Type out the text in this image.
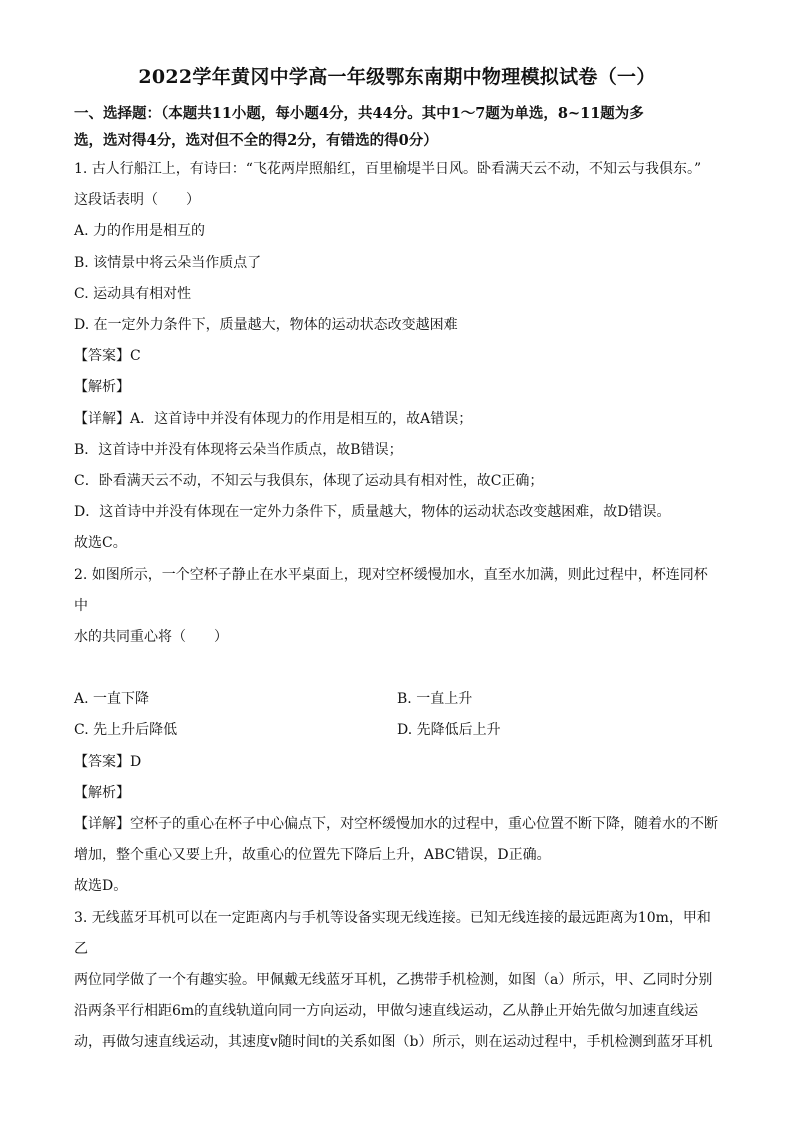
2022学年黄冈中学高一年级鄂东南期中物理模拟试卷（一）

一、选择题：（本题共11小题，每小题4分，共44分。其中1～7题为单选，8~11题为多

选，选对得4分，选对但不全的得2分，有错选的得0分）

1. 古人行船江上，有诗曰：“飞花两岸照船红，百里榆堤半日风。卧看满天云不动，不知云与我俱东。”

这段话表明（　　）

A. 力的作用是相互的

B. 该情景中将云朵当作质点了

C. 运动具有相对性

D. 在一定外力条件下，质量越大，物体的运动状态改变越困难

【答案】C

【解析】

【详解】A．这首诗中并没有体现力的作用是相互的，故A错误；

B．这首诗中并没有体现将云朵当作质点，故B错误；

C．卧看满天云不动，不知云与我俱东，体现了运动具有相对性，故C正确；

D．这首诗中并没有体现在一定外力条件下，质量越大，物体的运动状态改变越困难，故D错误。

故选C。

2. 如图所示，一个空杯子静止在水平桌面上，现对空杯缓慢加水，直至水加满，则此过程中，杯连同杯中

水的共同重心将（　　）

A. 一直下降	B. 一直上升

C. 先上升后降低	D. 先降低后上升

【答案】D

【解析】

【详解】空杯子的重心在杯子中心偏点下，对空杯缓慢加水的过程中，重心位置不断下降，随着水的不断

增加，整个重心又要上升，故重心的位置先下降后上升，ABC错误，D正确。

故选D。

3. 无线蓝牙耳机可以在一定距离内与手机等设备实现无线连接。已知无线连接的最远距离为10m，甲和乙

两位同学做了一个有趣实验。甲佩戴无线蓝牙耳机，乙携带手机检测，如图（a）所示，甲、乙同时分别

沿两条平行相距6m的直线轨道向同一方向运动，甲做匀速直线运动，乙从静止开始先做匀加速直线运

动，再做匀速直线运动，其速度v随时间t的关系如图（b）所示，则在运动过程中，手机检测到蓝牙耳机
